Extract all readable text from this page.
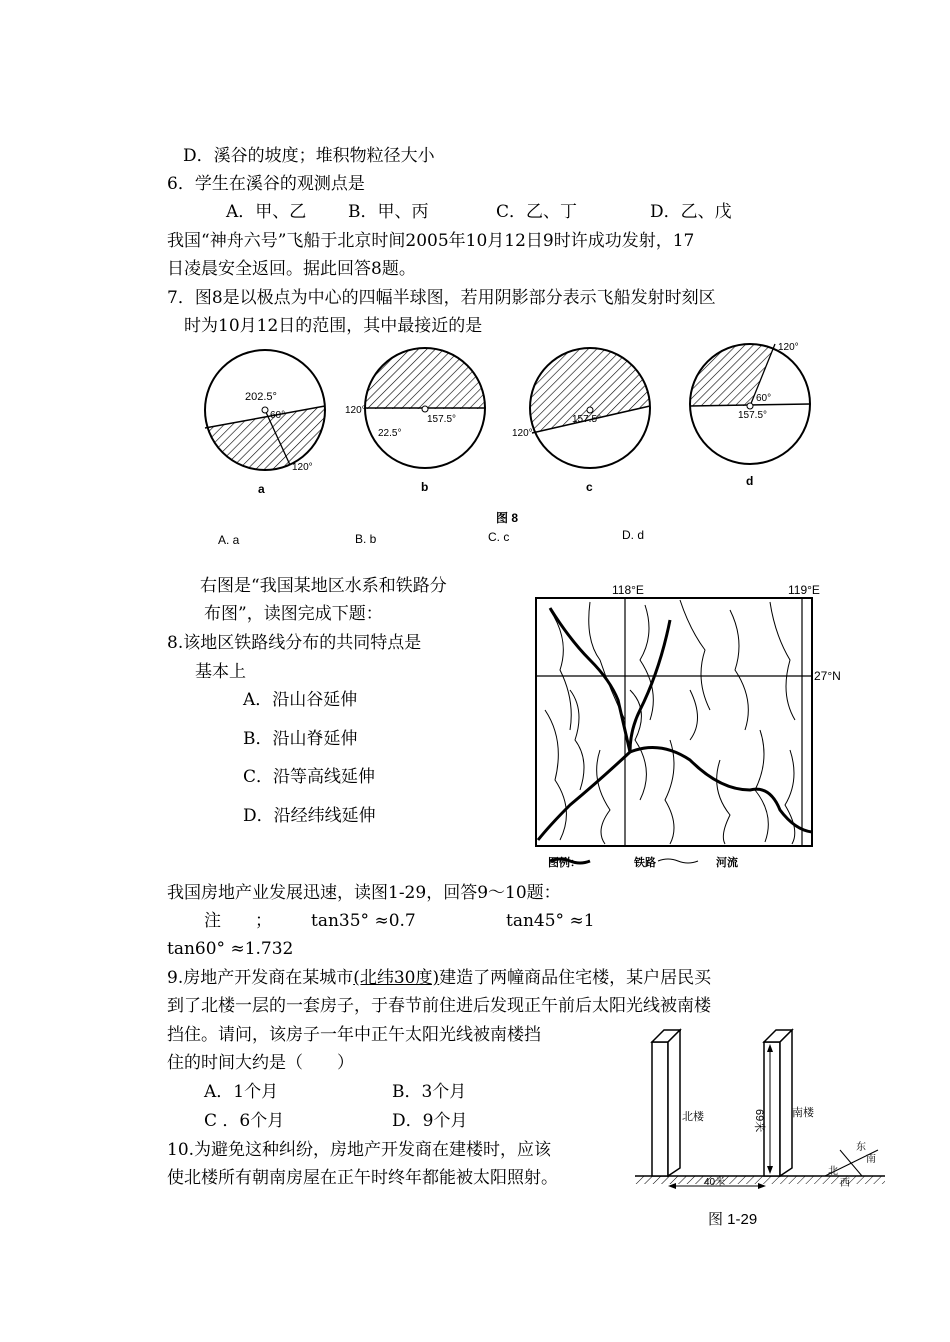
D．溪谷的坡度；堆积物粒径大小
6．学生在溪谷的观测点是
A．甲、乙 B．甲、丙	C．乙、丁	D．乙、戊
我国“神舟六号”飞船于北京时间2005年10月12日9时许成功发射，17
日凌晨安全返回。据此回答8题。
7．图8是以极点为中心的四幅半球图，若用阴影部分表示飞船发射时刻区
时为10月12日的范围，其中最接近的是
202.5°
60°
120°
a
120°
157.5°
22.5°
b
120°
157.5°
c
120°
60°
157.5°
d
图 8
A. a	B. b	C. c	D. d
右图是“我国某地区水系和铁路分
布图”，读图完成下题：
8.该地区铁路线分布的共同特点是
基本上
A．沿山谷延伸
B．沿山脊延伸
C．沿等高线延伸
D．沿经纬线延伸
118°E	119°E
27°N
图例：	铁路	河流
我国房地产业发展迅速，读图1-29，回答9～10题：
注 ； tan35° ≈0.7	tan45° ≈1
tan60° ≈1.732
9.房地产开发商在某城市(北纬30度)建造了两幢商品住宅楼，某户居民买
到了北楼一层的一套房子，于春节前住进后发现正午前后太阳光线被南楼
挡住。请问，该房子一年中正午太阳光线被南楼挡
住的时间大约是（　　）
A．1个月	B．3个月
C ．6个月	D．9个月
10.为避免这种纠纷，房地产开发商在建楼时，应该
使北楼所有朝南房屋在正午时终年都能被太阳照射。
北楼	南楼
69米
40米
北
南
东
西
图 1-29
